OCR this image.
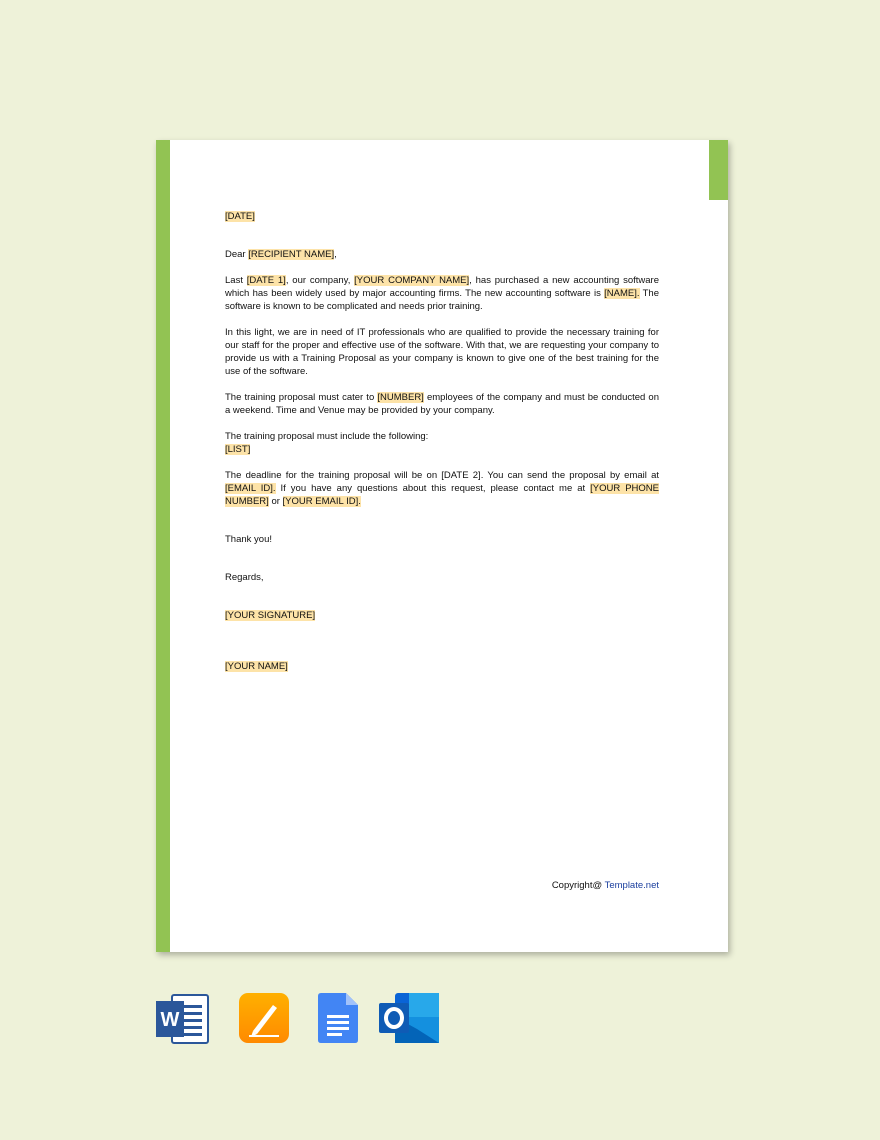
[DATE]

Dear [RECIPIENT NAME],

Last [DATE 1], our company, [YOUR COMPANY NAME], has purchased a new accounting software which has been widely used by major accounting firms. The new accounting software is [NAME]. The software is known to be complicated and needs prior training.

In this light, we are in need of IT professionals who are qualified to provide the necessary training for our staff for the proper and effective use of the software. With that, we are requesting your company to provide us with a Training Proposal as your company is known to give one of the best training for the use of the software.

The training proposal must cater to [NUMBER] employees of the company and must be conducted on a weekend. Time and Venue may be provided by your company.

The training proposal must include the following:

[LIST]

The deadline for the training proposal will be on [DATE 2]. You can send the proposal by email at [EMAIL ID]. If you have any questions about this request, please contact me at [YOUR PHONE NUMBER] or [YOUR EMAIL ID].

Thank you!

Regards,

[YOUR SIGNATURE]

[YOUR NAME]

Copyright@ Template.net
W
